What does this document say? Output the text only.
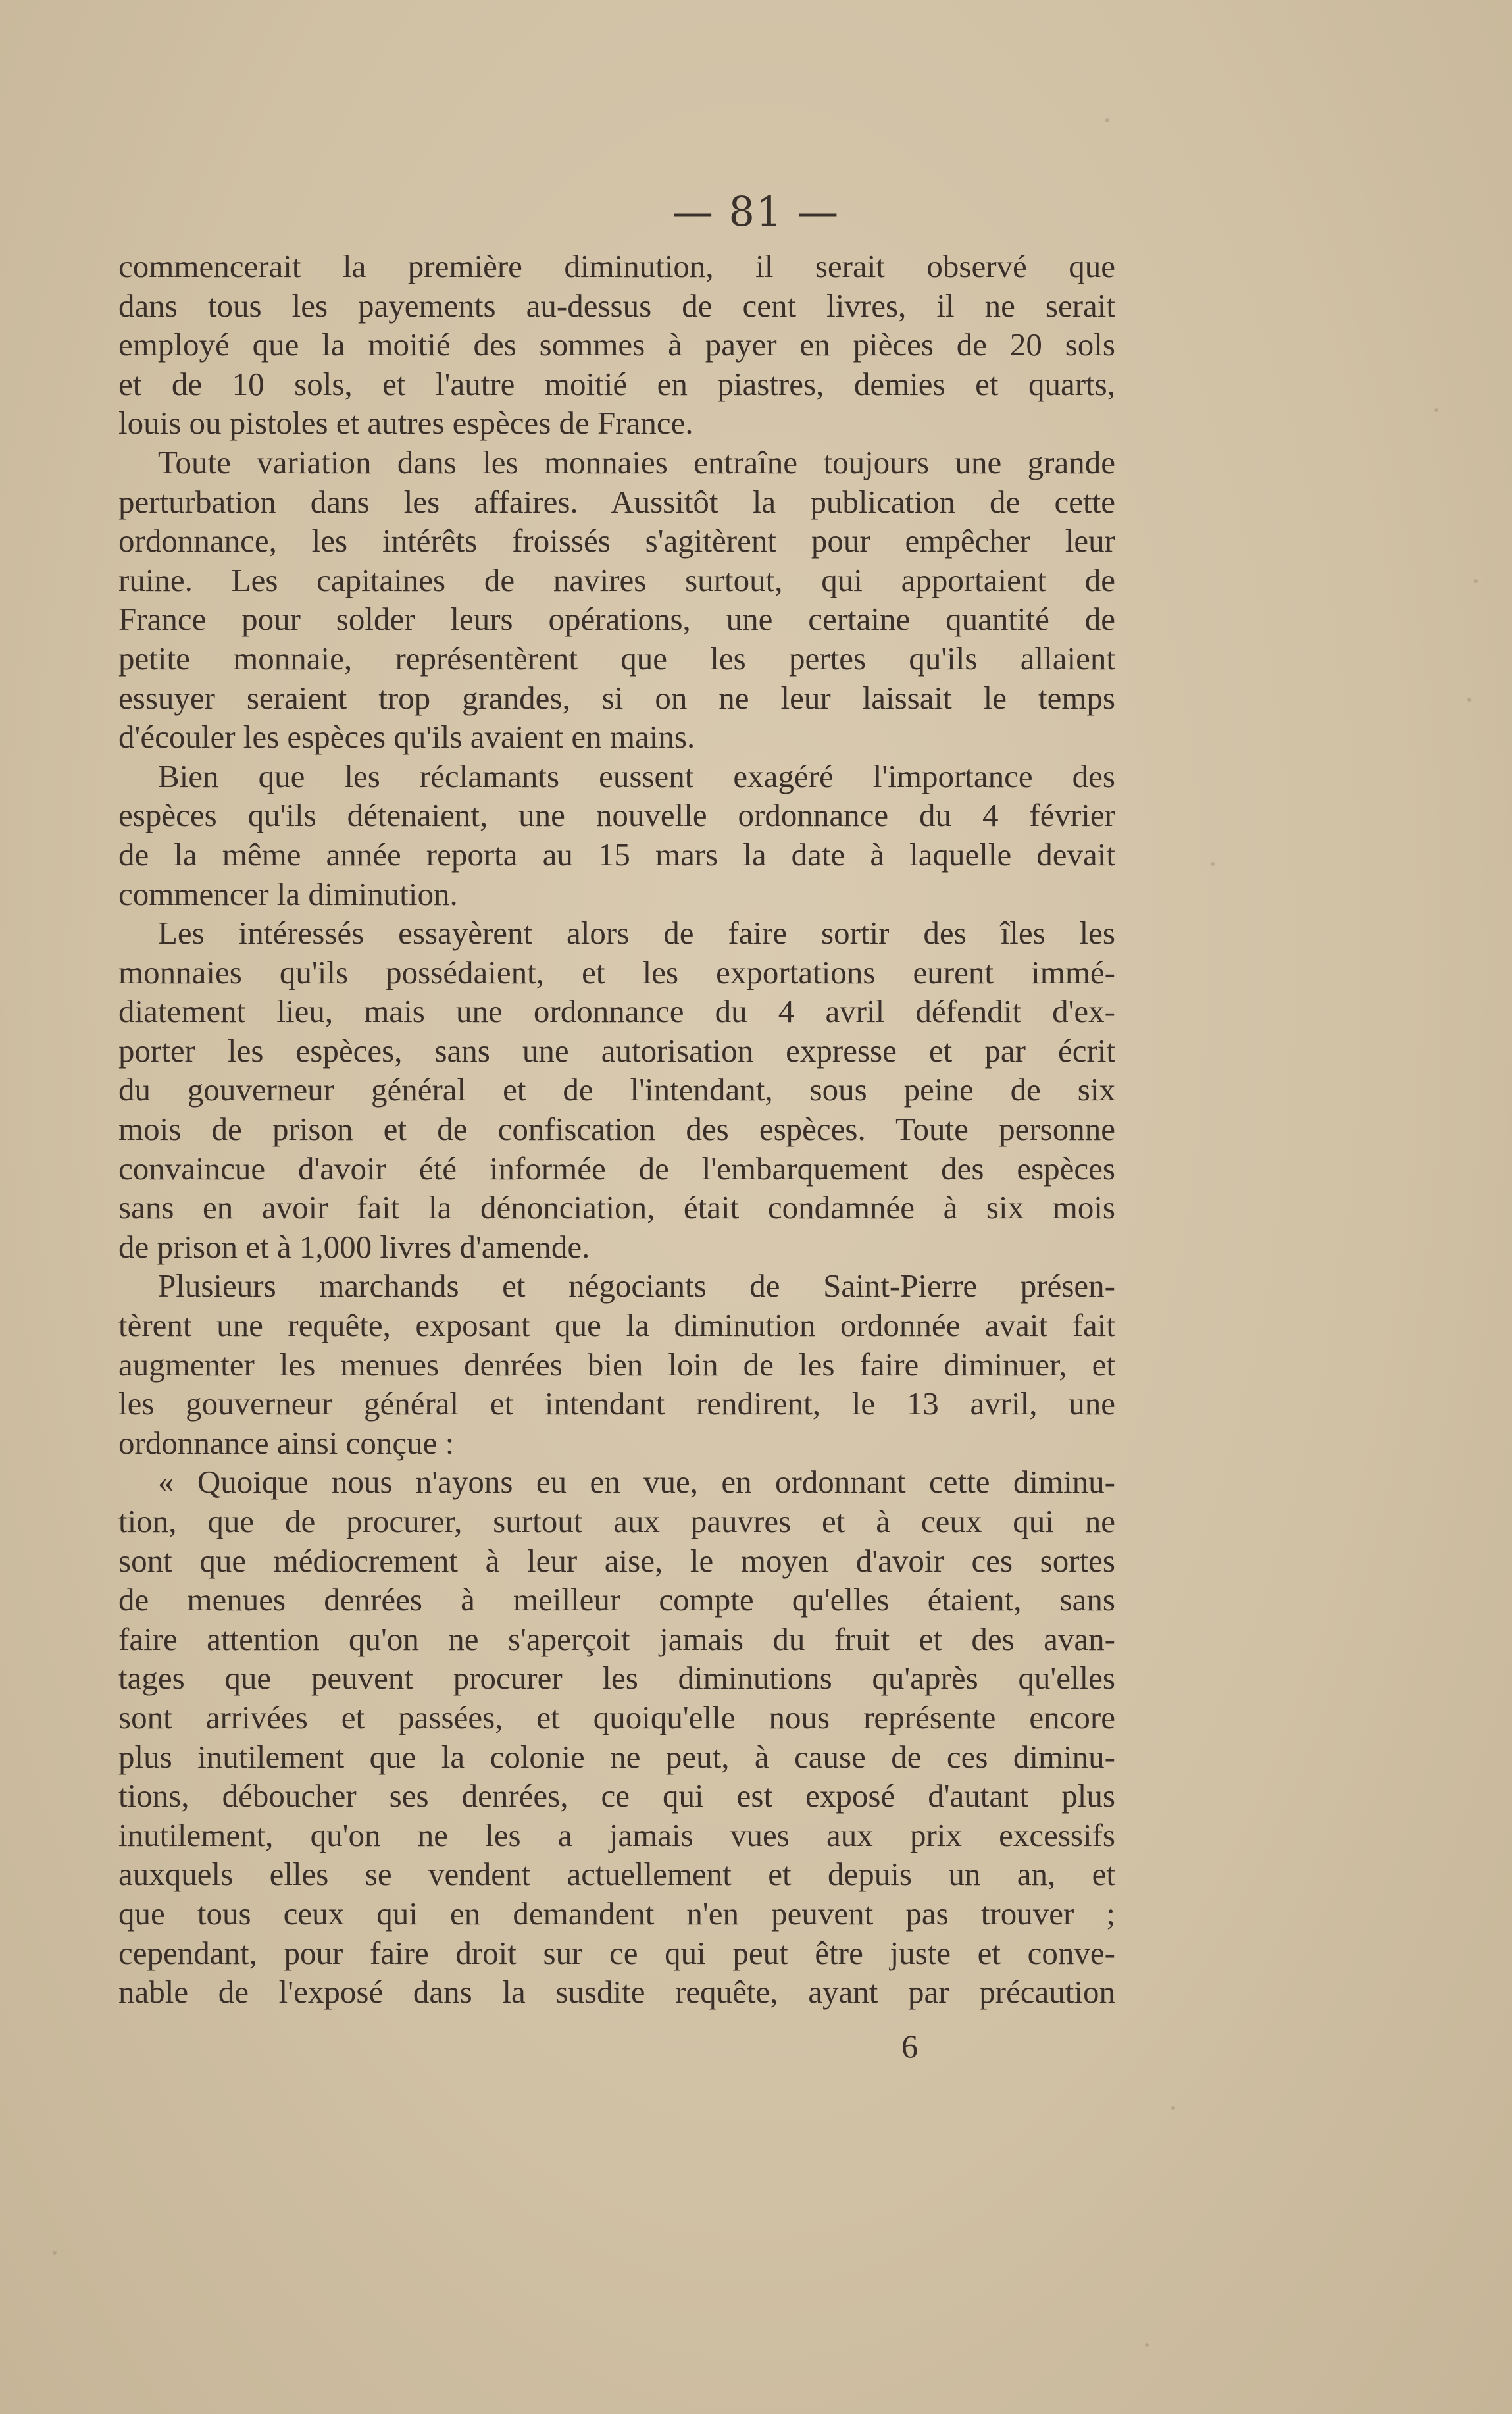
— 81 —
commencerait la première diminution, il serait observé que
dans tous les payements au-dessus de cent livres, il ne serait
employé que la moitié des sommes à payer en pièces de 20 sols
et de 10 sols, et l'autre moitié en piastres, demies et quarts,
louis ou pistoles et autres espèces de France.
Toute variation dans les monnaies entraîne toujours une grande
perturbation dans les affaires. Aussitôt la publication de cette
ordonnance, les intérêts froissés s'agitèrent pour empêcher leur
ruine. Les capitaines de navires surtout, qui apportaient de
France pour solder leurs opérations, une certaine quantité de
petite monnaie, représentèrent que les pertes qu'ils allaient
essuyer seraient trop grandes, si on ne leur laissait le temps
d'écouler les espèces qu'ils avaient en mains.
Bien que les réclamants eussent exagéré l'importance des
espèces qu'ils détenaient, une nouvelle ordonnance du 4 février
de la même année reporta au 15 mars la date à laquelle devait
commencer la diminution.
Les intéressés essayèrent alors de faire sortir des îles les
monnaies qu'ils possédaient, et les exportations eurent immé-
diatement lieu, mais une ordonnance du 4 avril défendit d'ex-
porter les espèces, sans une autorisation expresse et par écrit
du gouverneur général et de l'intendant, sous peine de six
mois de prison et de confiscation des espèces. Toute personne
convaincue d'avoir été informée de l'embarquement des espèces
sans en avoir fait la dénonciation, était condamnée à six mois
de prison et à 1,000 livres d'amende.
Plusieurs marchands et négociants de Saint-Pierre présen-
tèrent une requête, exposant que la diminution ordonnée avait fait
augmenter les menues denrées bien loin de les faire diminuer, et
les gouverneur général et intendant rendirent, le 13 avril, une
ordonnance ainsi conçue :
« Quoique nous n'ayons eu en vue, en ordonnant cette diminu-
tion, que de procurer, surtout aux pauvres et à ceux qui ne
sont que médiocrement à leur aise, le moyen d'avoir ces sortes
de menues denrées à meilleur compte qu'elles étaient, sans
faire attention qu'on ne s'aperçoit jamais du fruit et des avan-
tages que peuvent procurer les diminutions qu'après qu'elles
sont arrivées et passées, et quoiqu'elle nous représente encore
plus inutilement que la colonie ne peut, à cause de ces diminu-
tions, déboucher ses denrées, ce qui est exposé d'autant plus
inutilement, qu'on ne les a jamais vues aux prix excessifs
auxquels elles se vendent actuellement et depuis un an, et
que tous ceux qui en demandent n'en peuvent pas trouver ;
cependant, pour faire droit sur ce qui peut être juste et conve-
nable de l'exposé dans la susdite requête, ayant par précaution
6
